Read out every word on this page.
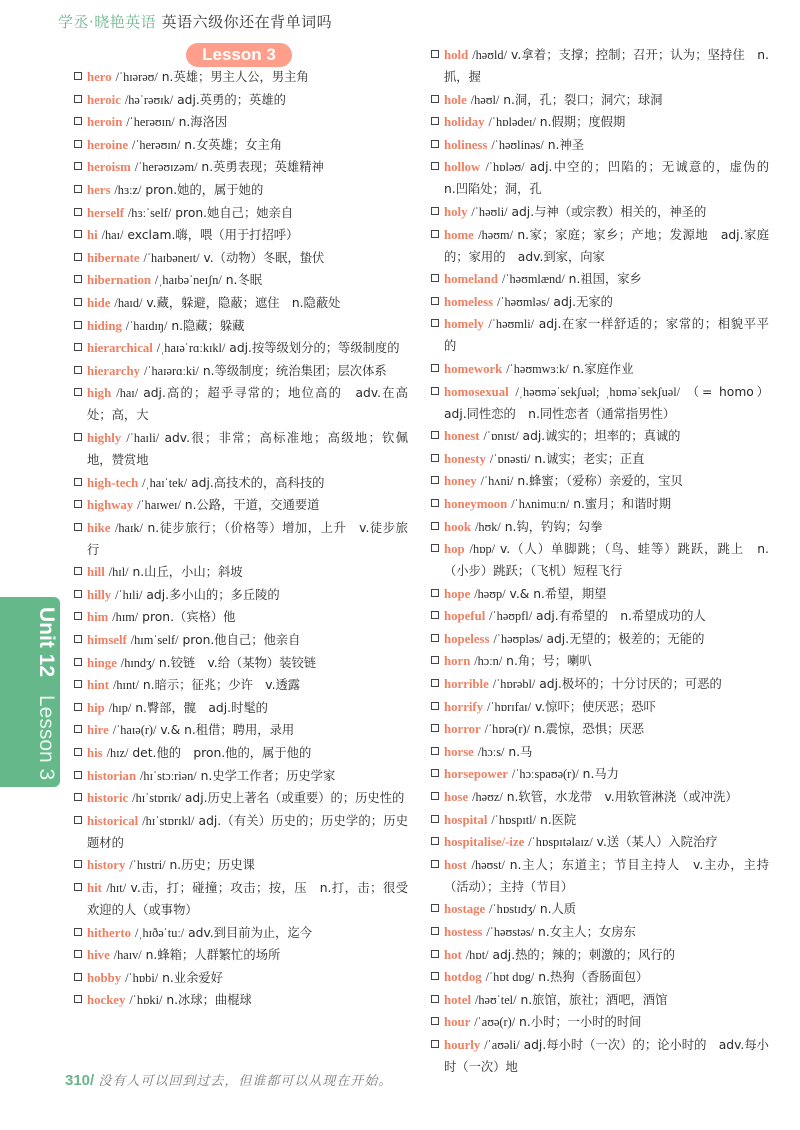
学丞·晓艳英语 英语六级你还在背单词吗
Lesson 3
hero /ˈhɪərəʊ/ n.英雄；男主人公，男主角
heroic /həˈrəʊɪk/ adj.英勇的；英雄的
heroin /ˈherəʊɪn/ n.海洛因
heroine /ˈherəʊɪn/ n.女英雄；女主角
heroism /ˈherəʊɪzəm/ n.英勇表现；英雄精神
hers /hɜːz/ pron.她的，属于她的
herself /hɜːˈself/ pron.她自己；她亲自
hi /haɪ/ exclam.嗨，喂（用于打招呼）
hibernate /ˈhaɪbəneɪt/ v.（动物）冬眠，蛰伏
hibernation /ˌhaɪbəˈneɪʃn/ n.冬眠
hide /haɪd/ v.藏，躲避，隐蔽；遮住　n.隐蔽处
hiding /ˈhaɪdɪŋ/ n.隐藏；躲藏
hierarchical /ˌhaɪəˈrɑːkɪkl/ adj.按等级划分的；等级制度的
hierarchy /ˈhaɪərɑːki/ n.等级制度；统治集团；层次体系
high /haɪ/ adj.高的；超乎寻常的；地位高的　adv.在高处；高，大
highly /ˈhaɪli/ adv.很；非常；高标准地；高级地；钦佩地，赞赏地
high-tech /ˌhaɪˈtek/ adj.高技术的，高科技的
highway /ˈhaɪweɪ/ n.公路，干道，交通要道
hike /haɪk/ n.徒步旅行；（价格等）增加，上升　v.徒步旅行
hill /hɪl/ n.山丘，小山；斜坡
hilly /ˈhɪli/ adj.多小山的；多丘陵的
him /hɪm/ pron.（宾格）他
himself /hɪmˈself/ pron.他自己；他亲自
hinge /hɪndʒ/ n.铰链　v.给（某物）装铰链
hint /hɪnt/ n.暗示；征兆；少许　v.透露
hip /hɪp/ n.臀部，髋　adj.时髦的
hire /ˈhaɪə(r)/ v.& n.租借；聘用，录用
his /hɪz/ det.他的　pron.他的，属于他的
historian /hɪˈstɔːriən/ n.史学工作者；历史学家
historic /hɪˈstɒrɪk/ adj.历史上著名（或重要）的；历史性的
historical /hɪˈstɒrɪkl/ adj.（有关）历史的；历史学的；历史题材的
history /ˈhɪstri/ n.历史；历史课
hit /hɪt/ v.击，打；碰撞；攻击；按，压　n.打，击；很受欢迎的人（或事物）
hitherto /ˌhɪðəˈtuː/ adv.到目前为止，迄今
hive /haɪv/ n.蜂箱；人群繁忙的场所
hobby /ˈhɒbi/ n.业余爱好
hockey /ˈhɒki/ n.冰球；曲棍球
hold /həʊld/ v.拿着；支撑；控制；召开；认为；坚持住　n.抓，握
hole /həʊl/ n.洞，孔；裂口；洞穴；球洞
holiday /ˈhɒlədeɪ/ n.假期；度假期
holiness /ˈhəʊlinəs/ n.神圣
hollow /ˈhɒləʊ/ adj.中空的；凹陷的；无诚意的，虚伪的　n.凹陷处；洞，孔
holy /ˈhəʊli/ adj.与神（或宗教）相关的，神圣的
home /həʊm/ n.家；家庭；家乡；产地；发源地　adj.家庭的；家用的　adv.到家，向家
homeland /ˈhəʊmlænd/ n.祖国，家乡
homeless /ˈhəʊmləs/ adj.无家的
homely /ˈhəʊmli/ adj.在家一样舒适的；家常的；相貌平平的
homework /ˈhəʊmwɜːk/ n.家庭作业
homosexual /ˌhəʊməˈsekʃuəl; ˌhɒməˈsekʃuəl/ （= homo）adj.同性恋的　n.同性恋者（通常指男性）
honest /ˈɒnɪst/ adj.诚实的；坦率的；真诚的
honesty /ˈɒnəsti/ n.诚实；老实；正直
honey /ˈhʌni/ n.蜂蜜；（爱称）亲爱的，宝贝
honeymoon /ˈhʌnimuːn/ n.蜜月；和谐时期
hook /hʊk/ n.钩，钓钩；勾拳
hop /hɒp/ v.（人）单脚跳；（鸟、蛙等）跳跃，跳上　n.（小步）跳跃；（飞机）短程飞行
hope /həʊp/ v.& n.希望，期望
hopeful /ˈhəʊpfl/ adj.有希望的　n.希望成功的人
hopeless /ˈhəʊpləs/ adj.无望的；极差的；无能的
horn /hɔːn/ n.角；号；喇叭
horrible /ˈhɒrəbl/ adj.极坏的；十分讨厌的；可恶的
horrify /ˈhɒrɪfaɪ/ v.惊吓；使厌恶；恐吓
horror /ˈhɒrə(r)/ n.震惊，恐惧；厌恶
horse /hɔːs/ n.马
horsepower /ˈhɔːspaʊə(r)/ n.马力
hose /həʊz/ n.软管，水龙带　v.用软管淋浇（或冲洗）
hospital /ˈhɒspɪtl/ n.医院
hospitalise/-ize /ˈhɒspɪtəlaɪz/ v.送（某人）入院治疗
host /həʊst/ n.主人；东道主；节目主持人　v.主办，主持（活动）；主持（节目）
hostage /ˈhɒstɪdʒ/ n.人质
hostess /ˈhəʊstəs/ n.女主人；女房东
hot /hɒt/ adj.热的；辣的；刺激的；风行的
hotdog /ˈhɒt dɒg/ n.热狗（香肠面包）
hotel /həʊˈtel/ n.旅馆，旅社；酒吧，酒馆
hour /ˈaʊə(r)/ n.小时；一小时的时间
hourly /ˈaʊəli/ adj.每小时（一次）的；论小时的　adv.每小时（一次）地
Unit 12
Lesson 3
310/ 没有人可以回到过去，但谁都可以从现在开始。
